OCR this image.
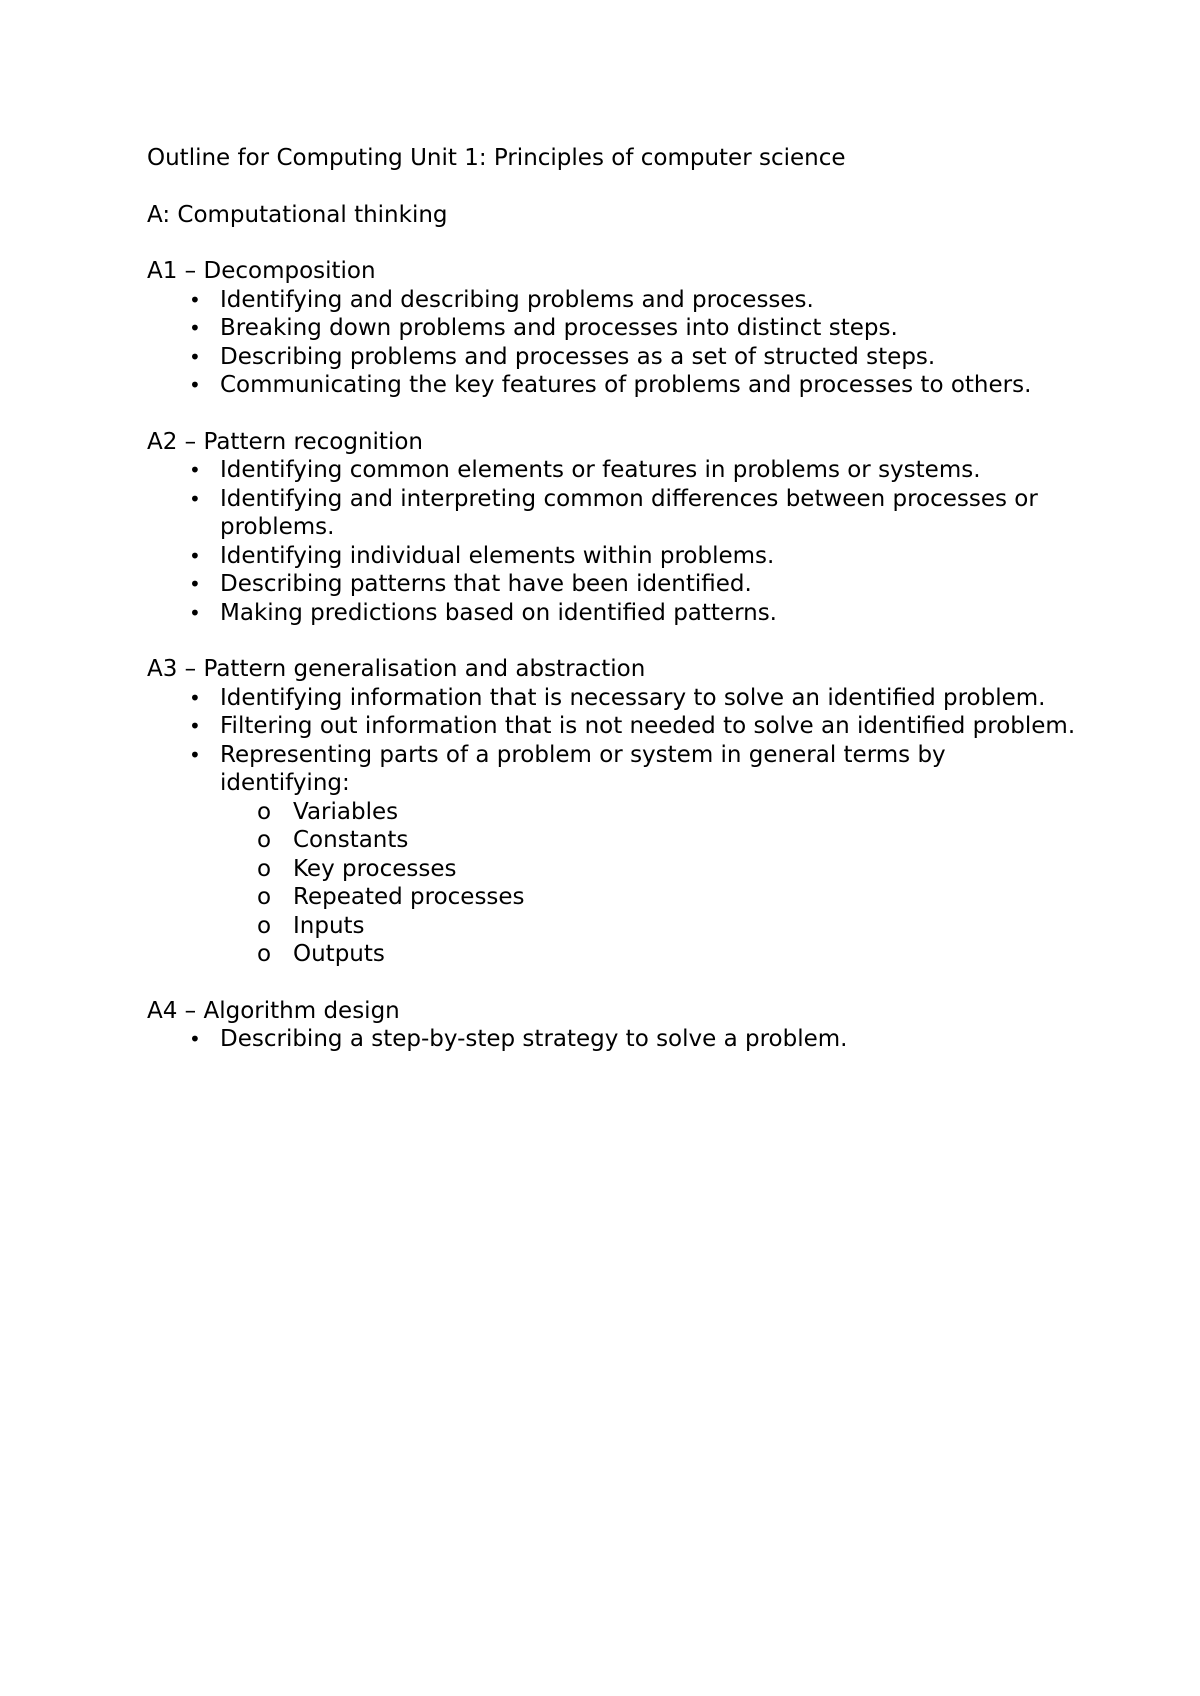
Outline for Computing Unit 1: Principles of computer science
A: Computational thinking
A1 – Decomposition
• Identifying and describing problems and processes.
• Breaking down problems and processes into distinct steps.
• Describing problems and processes as a set of structed steps.
• Communicating the key features of problems and processes to others.
A2 – Pattern recognition
• Identifying common elements or features in problems or systems.
• Identifying and interpreting common differences between processes or problems.
• Identifying individual elements within problems.
• Describing patterns that have been identified.
• Making predictions based on identified patterns.
A3 – Pattern generalisation and abstraction
• Identifying information that is necessary to solve an identified problem.
• Filtering out information that is not needed to solve an identified problem.
• Representing parts of a problem or system in general terms by identifying:
o Variables
o Constants
o Key processes
o Repeated processes
o Inputs
o Outputs
A4 – Algorithm design
• Describing a step-by-step strategy to solve a problem.
